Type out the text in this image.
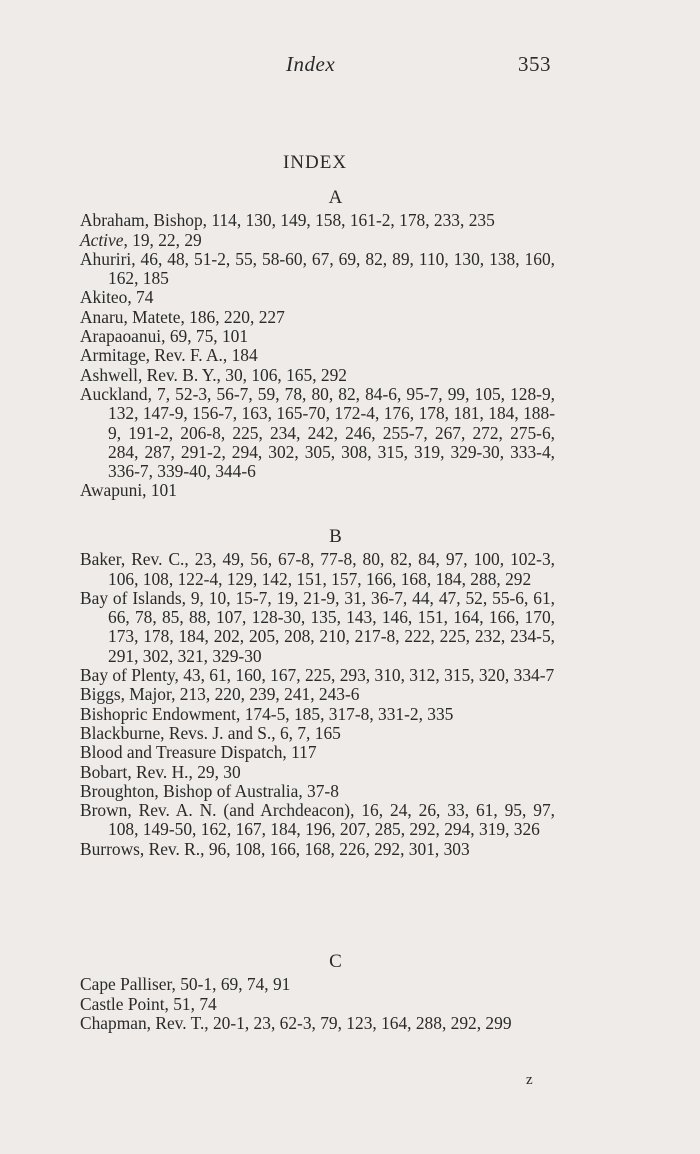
Index	353
INDEX
A
Abraham, Bishop, 114, 130, 149, 158, 161-2, 178, 233, 235
Active, 19, 22, 29
Ahuriri, 46, 48, 51-2, 55, 58-60, 67, 69, 82, 89, 110, 130, 138, 160, 162, 185
Akiteo, 74
Anaru, Matete, 186, 220, 227
Arapaoanui, 69, 75, 101
Armitage, Rev. F. A., 184
Ashwell, Rev. B. Y., 30, 106, 165, 292
Auckland, 7, 52-3, 56-7, 59, 78, 80, 82, 84-6, 95-7, 99, 105, 128-9, 132, 147-9, 156-7, 163, 165-70, 172-4, 176, 178, 181, 184, 188-9, 191-2, 206-8, 225, 234, 242, 246, 255-7, 267, 272, 275-6, 284, 287, 291-2, 294, 302, 305, 308, 315, 319, 329-30, 333-4, 336-7, 339-40, 344-6
Awapuni, 101
B
Baker, Rev. C., 23, 49, 56, 67-8, 77-8, 80, 82, 84, 97, 100, 102-3, 106, 108, 122-4, 129, 142, 151, 157, 166, 168, 184, 288, 292
Bay of Islands, 9, 10, 15-7, 19, 21-9, 31, 36-7, 44, 47, 52, 55-6, 61, 66, 78, 85, 88, 107, 128-30, 135, 143, 146, 151, 164, 166, 170, 173, 178, 184, 202, 205, 208, 210, 217-8, 222, 225, 232, 234-5, 291, 302, 321, 329-30
Bay of Plenty, 43, 61, 160, 167, 225, 293, 310, 312, 315, 320, 334-7
Biggs, Major, 213, 220, 239, 241, 243-6
Bishopric Endowment, 174-5, 185, 317-8, 331-2, 335
Blackburne, Revs. J. and S., 6, 7, 165
Blood and Treasure Dispatch, 117
Bobart, Rev. H., 29, 30
Broughton, Bishop of Australia, 37-8
Brown, Rev. A. N. (and Archdeacon), 16, 24, 26, 33, 61, 95, 97, 108, 149-50, 162, 167, 184, 196, 207, 285, 292, 294, 319, 326
Burrows, Rev. R., 96, 108, 166, 168, 226, 292, 301, 303
C
Cape Palliser, 50-1, 69, 74, 91
Castle Point, 51, 74
Chapman, Rev. T., 20-1, 23, 62-3, 79, 123, 164, 288, 292, 299
z
